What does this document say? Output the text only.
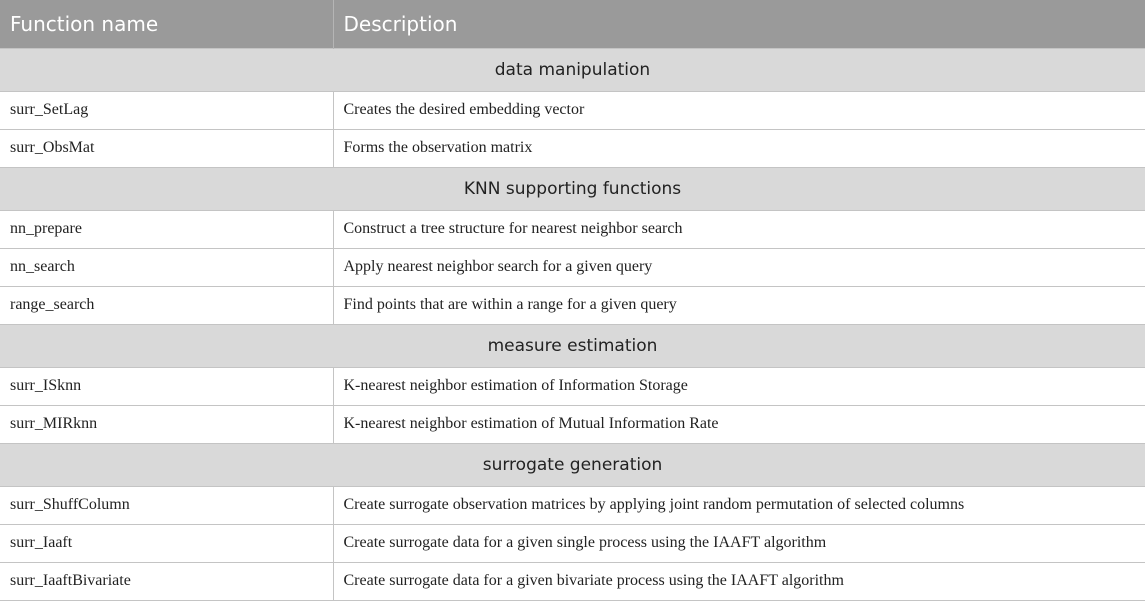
Function name	Description
data manipulation	
surr_SetLag	Creates the desired embedding vector
surr_ObsMat	Forms the observation matrix
KNN supporting functions	
nn_prepare	Construct a tree structure for nearest neighbor search
nn_search	Apply nearest neighbor search for a given query
range_search	Find points that are within a range for a given query
measure estimation	
surr_ISknn	K-nearest neighbor estimation of Information Storage
surr_MIRknn	K-nearest neighbor estimation of Mutual Information Rate
surrogate generation	
surr_ShuffColumn	Create surrogate observation matrices by applying joint random permutation of selected columns
surr_Iaaft	Create surrogate data for a given single process using the IAAFT algorithm
surr_IaaftBivariate	Create surrogate data for a given bivariate process using the IAAFT algorithm
